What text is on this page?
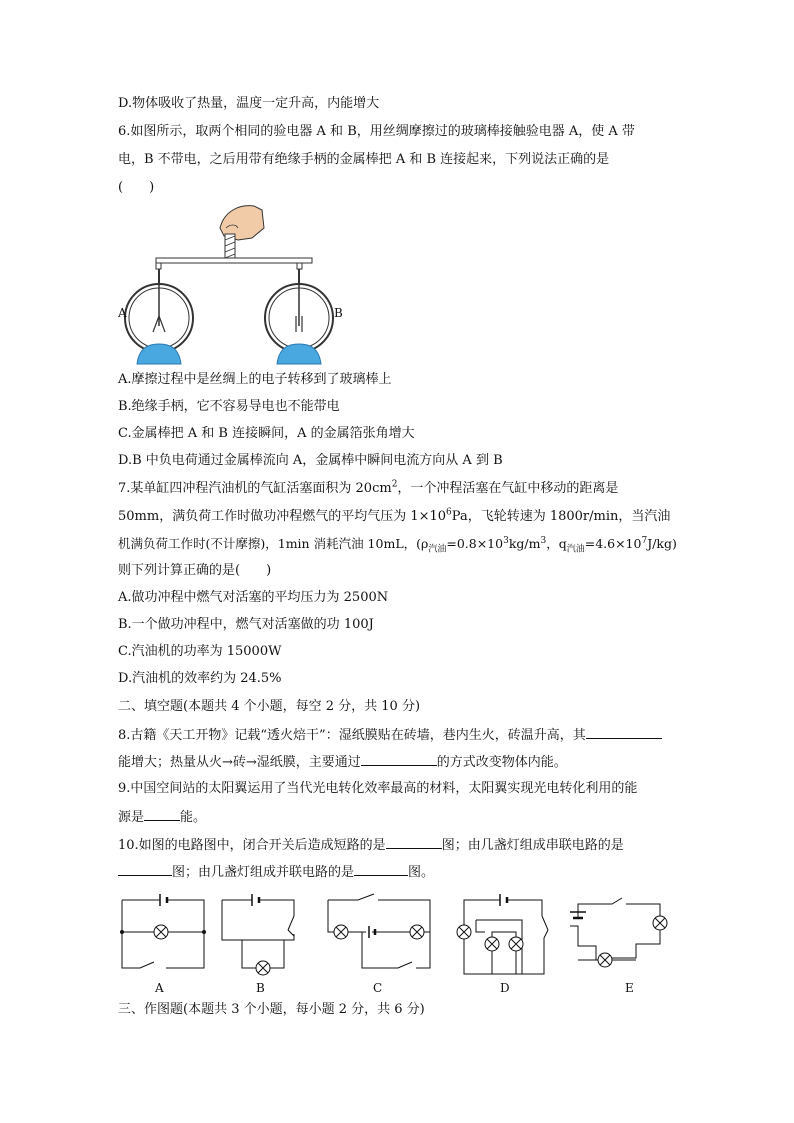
D.物体吸收了热量，温度一定升高，内能增大
6.如图所示，取两个相同的验电器 A 和 B，用丝绸摩擦过的玻璃棒接触验电器 A，使 A 带
电，B 不带电，之后用带有绝缘手柄的金属棒把 A 和 B 连接起来，下列说法正确的是
(　　)
A	B
A.摩擦过程中是丝绸上的电子转移到了玻璃棒上
B.绝缘手柄，它不容易导电也不能带电
C.金属棒把 A 和 B 连接瞬间，A 的金属箔张角增大
D.B 中负电荷通过金属棒流向 A，金属棒中瞬间电流方向从 A 到 B
7.某单缸四冲程汽油机的气缸活塞面积为 $20cm^2$，一个冲程活塞在气缸中移动的距离是
50mm，满负荷工作时做功冲程燃气的平均气压为 $1\times 10^6Pa$，飞轮转速为 1800r/min，当汽油
机满负荷工作时(不计摩擦)，1min 消耗汽油 10mL，($\rho_{汽油}=0.8\times 10^3kg/m^3$，$q_{汽油}=4.6\times 10^7J/kg$)
则下列计算正确的是(　　)
A.做功冲程中燃气对活塞的平均压力为 2500N
B.一个做功冲程中，燃气对活塞做的功 100J
C.汽油机的功率为 15000W
D.汽油机的效率约为 24.5%
二、填空题(本题共 4 个小题，每空 2 分，共 10 分)
8.古籍《天工开物》记载“透火焙干”：湿纸膜贴在砖墙，巷内生火，砖温升高，其
能增大；热量从火→砖→湿纸膜，主要通过	的方式改变物体内能。
9.中国空间站的太阳翼运用了当代光电转化效率最高的材料，太阳翼实现光电转化利用的能
源是	能。
10.如图的电路图中，闭合开关后造成短路的是	图；由几盏灯组成串联电路的是
图；由几盏灯组成并联电路的是	图。
A	B	C	D	E
三、作图题(本题共 3 个小题，每小题 2 分，共 6 分)
